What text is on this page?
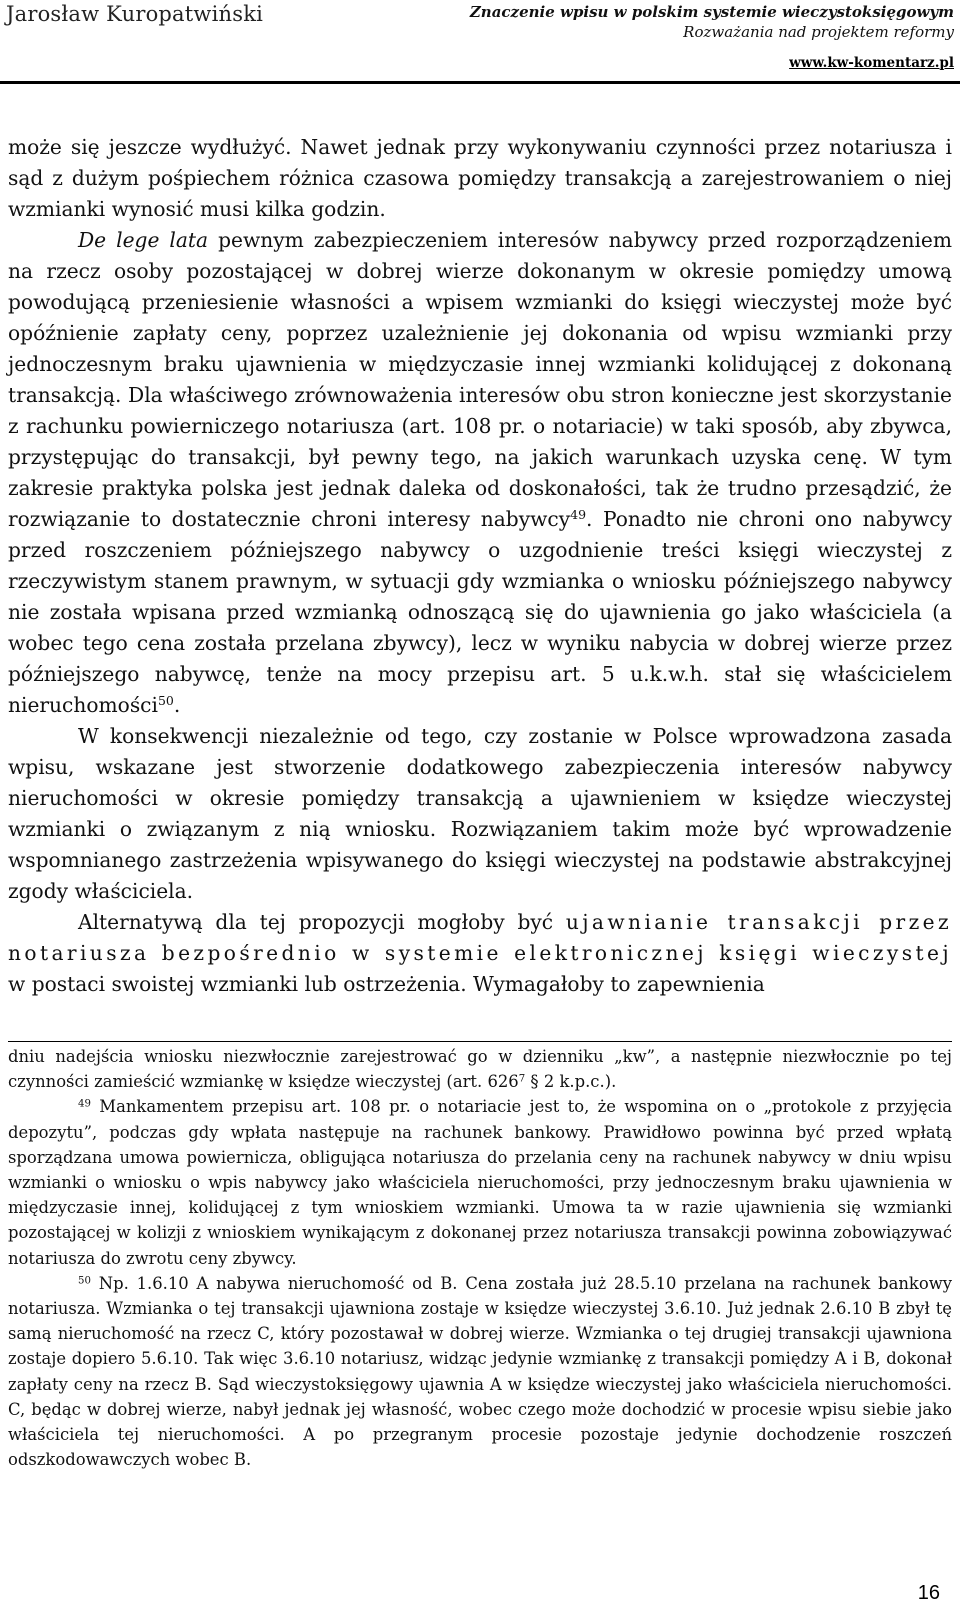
Jarosław Kuropatwiński	Znaczenie wpisu w polskim systemie wieczystoksięgowym
Rozważania nad projektem reformy
www.kw-komentarz.pl

może się jeszcze wydłużyć. Nawet jednak przy wykonywaniu czynności przez notariusza i sąd z dużym pośpiechem różnica czasowa pomiędzy transakcją a zarejestrowaniem o niej wzmianki wynosić musi kilka godzin.

De lege lata pewnym zabezpieczeniem interesów nabywcy przed rozporządzeniem na rzecz osoby pozostającej w dobrej wierze dokonanym w okresie pomiędzy umową powodującą przeniesienie własności a wpisem wzmianki do księgi wieczystej może być opóźnienie zapłaty ceny, poprzez uzależnienie jej dokonania od wpisu wzmianki przy jednoczesnym braku ujawnienia w międzyczasie innej wzmianki kolidującej z dokonaną transakcją. Dla właściwego zrównoważenia interesów obu stron konieczne jest skorzystanie z rachunku powierniczego notariusza (art. 108 pr. o notariacie) w taki sposób, aby zbywca, przystępując do transakcji, był pewny tego, na jakich warunkach uzyska cenę. W tym zakresie praktyka polska jest jednak daleka od doskonałości, tak że trudno przesądzić, że rozwiązanie to dostatecznie chroni interesy nabywcy$^{49}$. Ponadto nie chroni ono nabywcy przed roszczeniem późniejszego nabywcy o uzgodnienie treści księgi wieczystej z rzeczywistym stanem prawnym, w sytuacji gdy wzmianka o wniosku późniejszego nabywcy nie została wpisana przed wzmianką odnoszącą się do ujawnienia go jako właściciela (a wobec tego cena została przelana zbywcy), lecz w wyniku nabycia w dobrej wierze przez późniejszego nabywcę, tenże na mocy przepisu art. 5 u.k.w.h. stał się właścicielem nieruchomości$^{50}$.

W konsekwencji niezależnie od tego, czy zostanie w Polsce wprowadzona zasada wpisu, wskazane jest stworzenie dodatkowego zabezpieczenia interesów nabywcy nieruchomości w okresie pomiędzy transakcją a ujawnieniem w księdze wieczystej wzmianki o związanym z nią wniosku. Rozwiązaniem takim może być wprowadzenie wspomnianego zastrzeżenia wpisywanego do księgi wieczystej na podstawie abstrakcyjnej zgody właściciela.

Alternatywą dla tej propozycji mogłoby być ujawnianie transakcji przez notariusza bezpośrednio w systemie elektronicznej księgi wieczystej w postaci swoistej wzmianki lub ostrzeżenia. Wymagałoby to zapewnienia

dniu nadejścia wniosku niezwłocznie zarejestrować go w dzienniku „kw”, a następnie niezwłocznie po tej czynności zamieścić wzmiankę w księdze wieczystej (art. $626^7$ § 2 k.p.c.).

$^{49}$ Mankamentem przepisu art. 108 pr. o notariacie jest to, że wspomina on o „protokole z przyjęcia depozytu”, podczas gdy wpłata następuje na rachunek bankowy. Prawidłowo powinna być przed wpłatą sporządzana umowa powiernicza, obligująca notariusza do przelania ceny na rachunek nabywcy w dniu wpisu wzmianki o wniosku o wpis nabywcy jako właściciela nieruchomości, przy jednoczesnym braku ujawnienia w międzyczasie innej, kolidującej z tym wnioskiem wzmianki. Umowa ta w razie ujawnienia się wzmianki pozostającej w kolizji z wnioskiem wynikającym z dokonanej przez notariusza transakcji powinna zobowiązywać notariusza do zwrotu ceny zbywcy.

$^{50}$ Np. 1.6.10 A nabywa nieruchomość od B. Cena została już 28.5.10 przelana na rachunek bankowy notariusza. Wzmianka o tej transakcji ujawniona zostaje w księdze wieczystej 3.6.10. Już jednak 2.6.10 B zbył tę samą nieruchomość na rzecz C, który pozostawał w dobrej wierze. Wzmianka o tej drugiej transakcji ujawniona zostaje dopiero 5.6.10. Tak więc 3.6.10 notariusz, widząc jedynie wzmiankę z transakcji pomiędzy A i B, dokonał zapłaty ceny na rzecz B. Sąd wieczystoksięgowy ujawnia A w księdze wieczystej jako właściciela nieruchomości. C, będąc w dobrej wierze, nabył jednak jej własność, wobec czego może dochodzić w procesie wpisu siebie jako właściciela tej nieruchomości. A po przegranym procesie pozostaje jedynie dochodzenie roszczeń odszkodowawczych wobec B.

16
